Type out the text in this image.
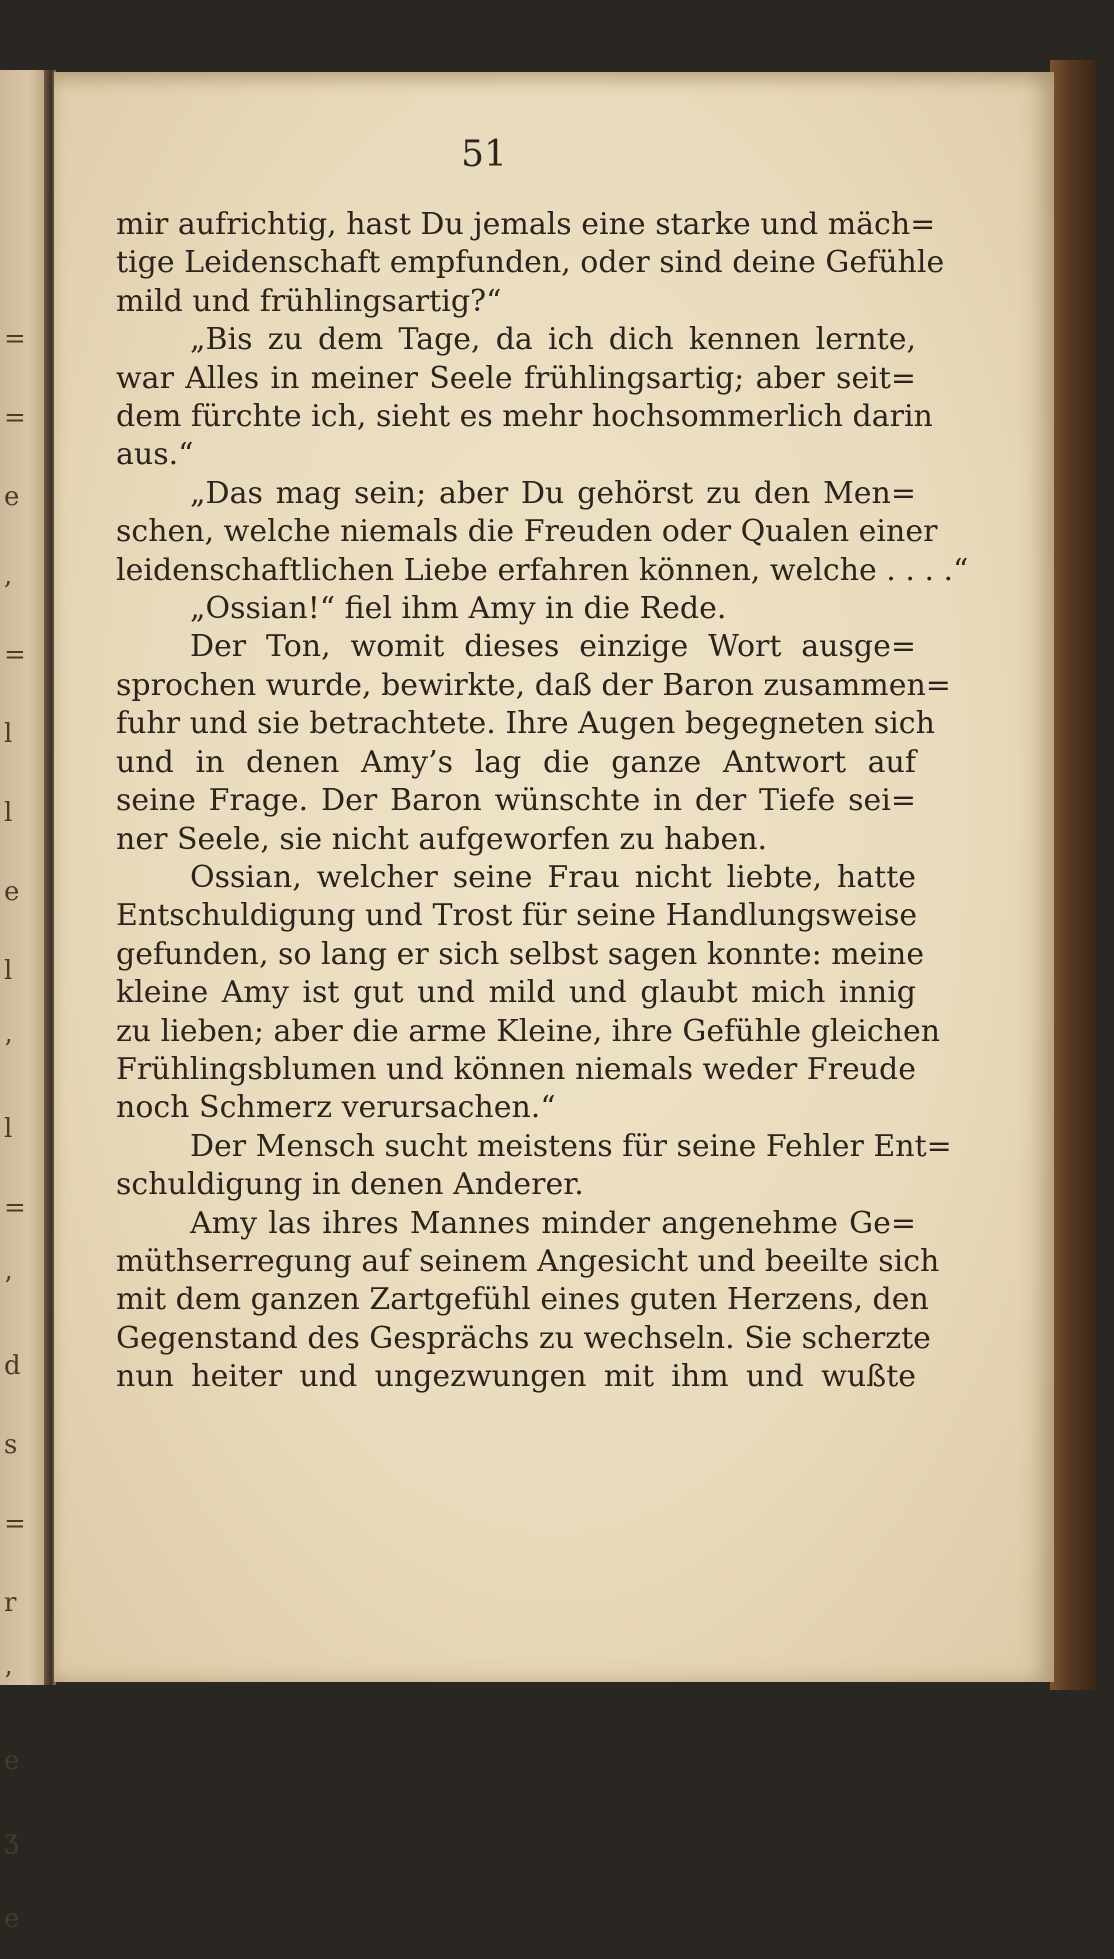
=
=
e
,
=
l
l
e
l
’
l
=
’
d
s
=
r
’
e
ʒ
e
51
mir aufrichtig, hast Du jemals eine starke und mäch=
tige Leidenschaft empfunden, oder sind deine Gefühle
mild und frühlingsartig?“
„Bis zu dem Tage, da ich dich kennen lernte,
war Alles in meiner Seele frühlingsartig; aber seit=
dem fürchte ich, sieht es mehr hochsommerlich darin
aus.“
„Das mag sein; aber Du gehörst zu den Men=
schen, welche niemals die Freuden oder Qualen einer
leidenschaftlichen Liebe erfahren können, welche . . . .“
„Ossian!“ fiel ihm Amy in die Rede.
Der Ton, womit dieses einzige Wort ausge=
sprochen wurde, bewirkte, daß der Baron zusammen=
fuhr und sie betrachtete. Ihre Augen begegneten sich
und in denen Amy’s lag die ganze Antwort auf
seine Frage. Der Baron wünschte in der Tiefe sei=
ner Seele, sie nicht aufgeworfen zu haben.
Ossian, welcher seine Frau nicht liebte, hatte
Entschuldigung und Trost für seine Handlungsweise
gefunden, so lang er sich selbst sagen konnte: meine
kleine Amy ist gut und mild und glaubt mich innig
zu lieben; aber die arme Kleine, ihre Gefühle gleichen
Frühlingsblumen und können niemals weder Freude
noch Schmerz verursachen.“
Der Mensch sucht meistens für seine Fehler Ent=
schuldigung in denen Anderer.
Amy las ihres Mannes minder angenehme Ge=
müthserregung auf seinem Angesicht und beeilte sich
mit dem ganzen Zartgefühl eines guten Herzens, den
Gegenstand des Gesprächs zu wechseln. Sie scherzte
nun heiter und ungezwungen mit ihm und wußte
